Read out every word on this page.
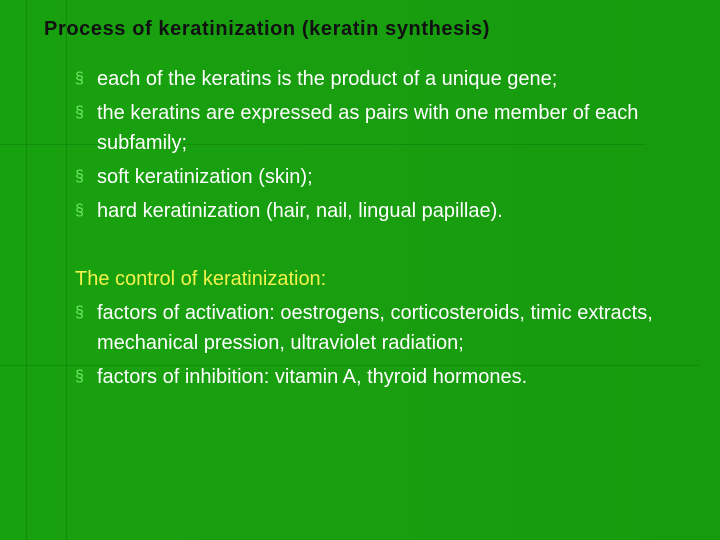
Process of keratinization (keratin synthesis)
§ each of the keratins is the product of a unique gene;
§ the keratins are expressed as pairs with one member of each subfamily;
§ soft keratinization (skin);
§ hard keratinization (hair, nail, lingual papillae).
The control of keratinization:
§ factors of activation: oestrogens, corticosteroids, timic extracts, mechanical pression, ultraviolet radiation;
§ factors of inhibition: vitamin A, thyroid hormones.
